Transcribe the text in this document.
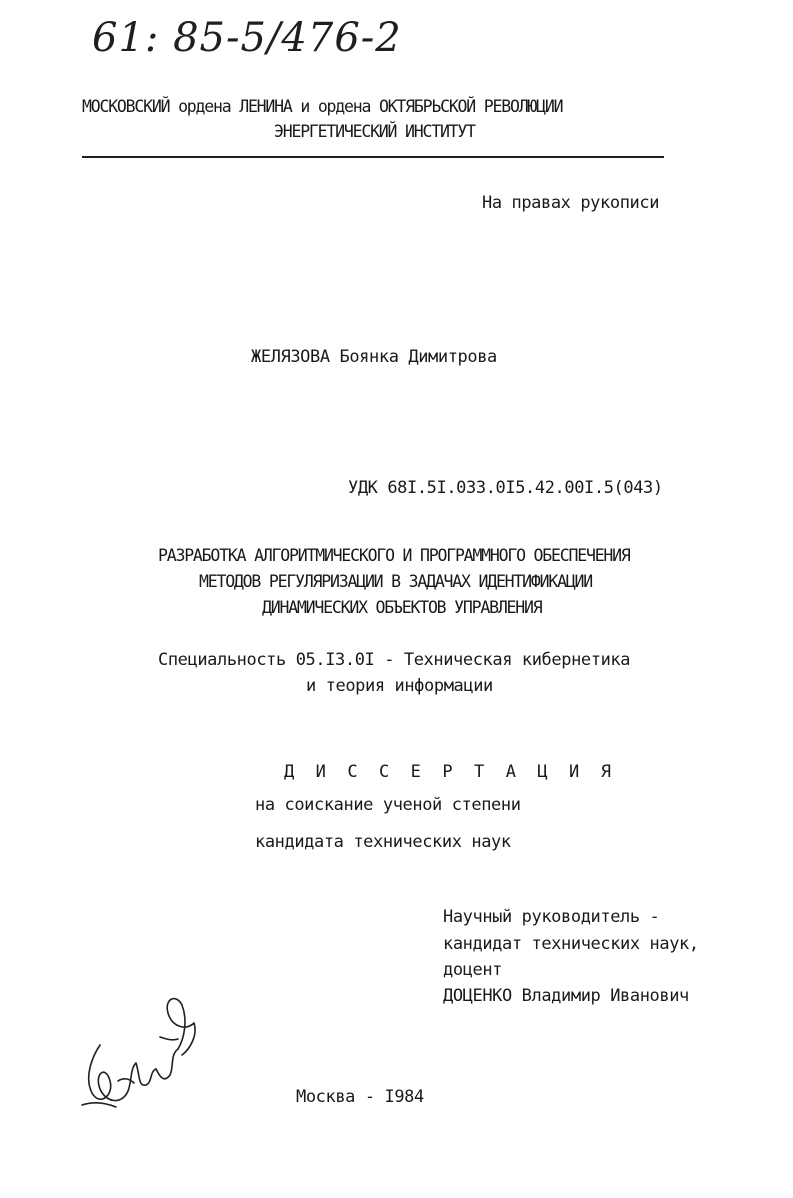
61: 85-5/476-2
МОСКОВСКИЙ ордена ЛЕНИНА и ордена ОКТЯБРЬСКОЙ РЕВОЛЮЦИИ
ЭНЕРГЕТИЧЕСКИЙ ИНСТИТУТ
На правах рукописи
ЖЕЛЯЗОВА Боянка Димитрова
УДК 68I.5I.033.0I5.42.00I.5(043)
РАЗРАБОТКА АЛГОРИТМИЧЕСКОГО И ПРОГРАММНОГО ОБЕСПЕЧЕНИЯ
МЕТОДОВ РЕГУЛЯРИЗАЦИИ В ЗАДАЧАХ ИДЕНТИФИКАЦИИ
ДИНАМИЧЕСКИХ ОБЪЕКТОВ УПРАВЛЕНИЯ
Специальность 05.I3.0I - Техническая кибернетика
и теория информации
Д И С С Е Р Т А Ц И Я
на соискание ученой степени
кандидата технических наук
Научный руководитель -
кандидат технических наук,
доцент
ДОЦЕНКО Владимир Иванович
Москва - I984
